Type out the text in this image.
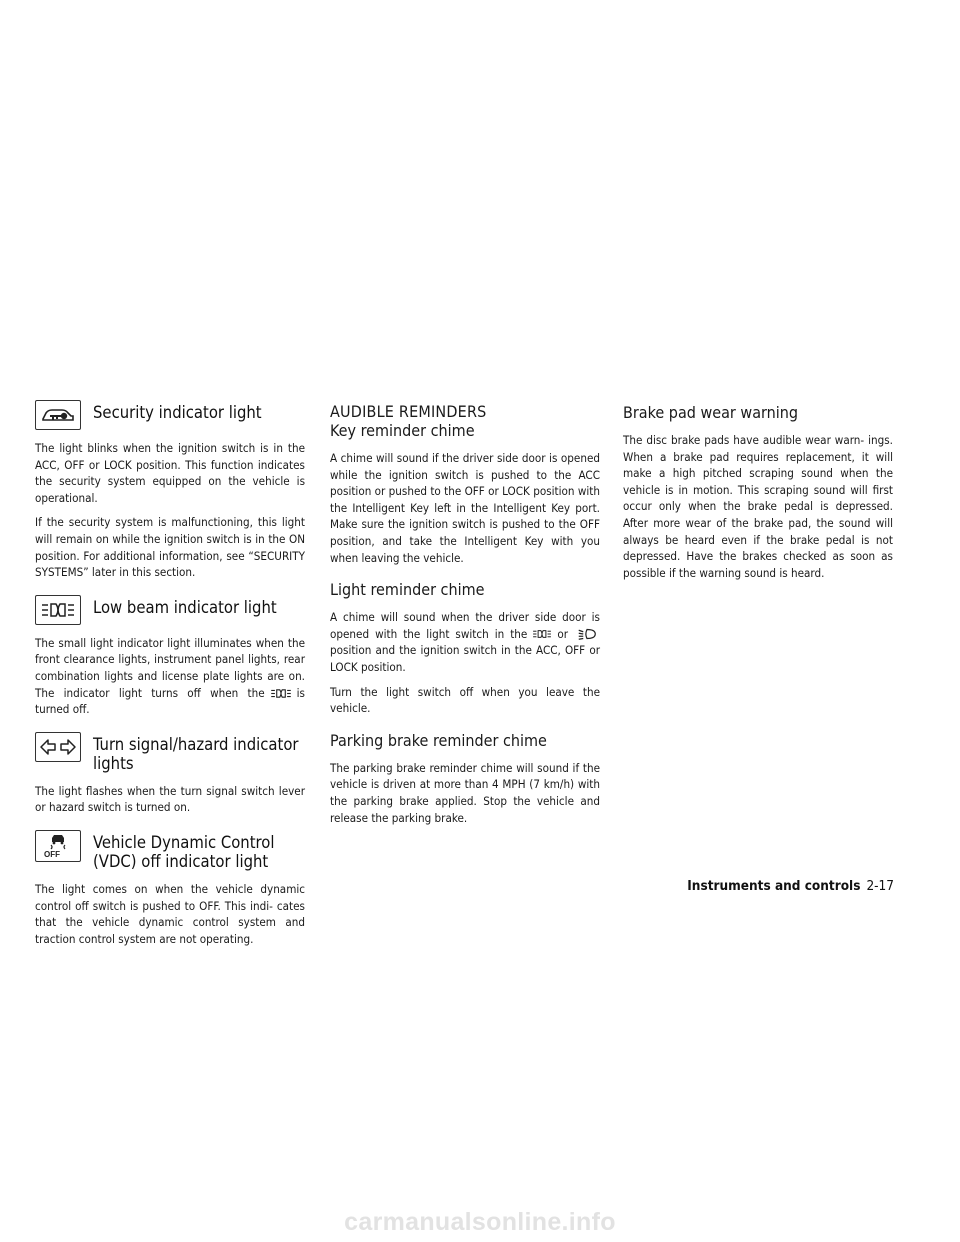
Security indicator light

The light blinks when the ignition switch is in the ACC, OFF or LOCK position. This function indicates the security system equipped on the vehicle is operational.

If the security system is malfunctioning, this light will remain on while the ignition switch is in the ON position. For additional information, see “SECURITY SYSTEMS” later in this section.

Low beam indicator light

The small light indicator light illuminates when the front clearance lights, instrument panel lights, rear combination lights and license plate lights are on. The indicator light turns off when the	is turned off.

Turn signal/hazard indicator
lights

The light flashes when the turn signal switch lever or hazard switch is turned on.

OFF
Vehicle Dynamic Control
(VDC) off indicator light

The light comes on when the vehicle dynamic control off switch is pushed to OFF. This indi- cates that the vehicle dynamic control system and traction control system are not operating.

AUDIBLE REMINDERS
Key reminder chime

A chime will sound if the driver side door is opened while the ignition switch is pushed to the ACC position or pushed to the OFF or LOCK position with the Intelligent Key left in the Intelligent Key port. Make sure the ignition switch is pushed to the OFF position, and take the Intelligent Key with you when leaving the vehicle.

Light reminder chime

A chime will sound when the driver side door is opened with the light switch in the	or position and the ignition switch in the ACC, OFF or LOCK position.

Turn the light switch off when you leave the vehicle.

Parking brake reminder chime

The parking brake reminder chime will sound if the vehicle is driven at more than 4 MPH (7 km/h) with the parking brake applied. Stop the vehicle and release the parking brake.

Brake pad wear warning

The disc brake pads have audible wear warn- ings. When a brake pad requires replacement, it will make a high pitched scraping sound when the vehicle is in motion. This scraping sound will first occur only when the brake pedal is depressed. After more wear of the brake pad, the sound will always be heard even if the brake pedal is not depressed. Have the brakes checked as soon as possible if the warning sound is heard.

Instruments and controls 2-17
carmanualsonline.info
